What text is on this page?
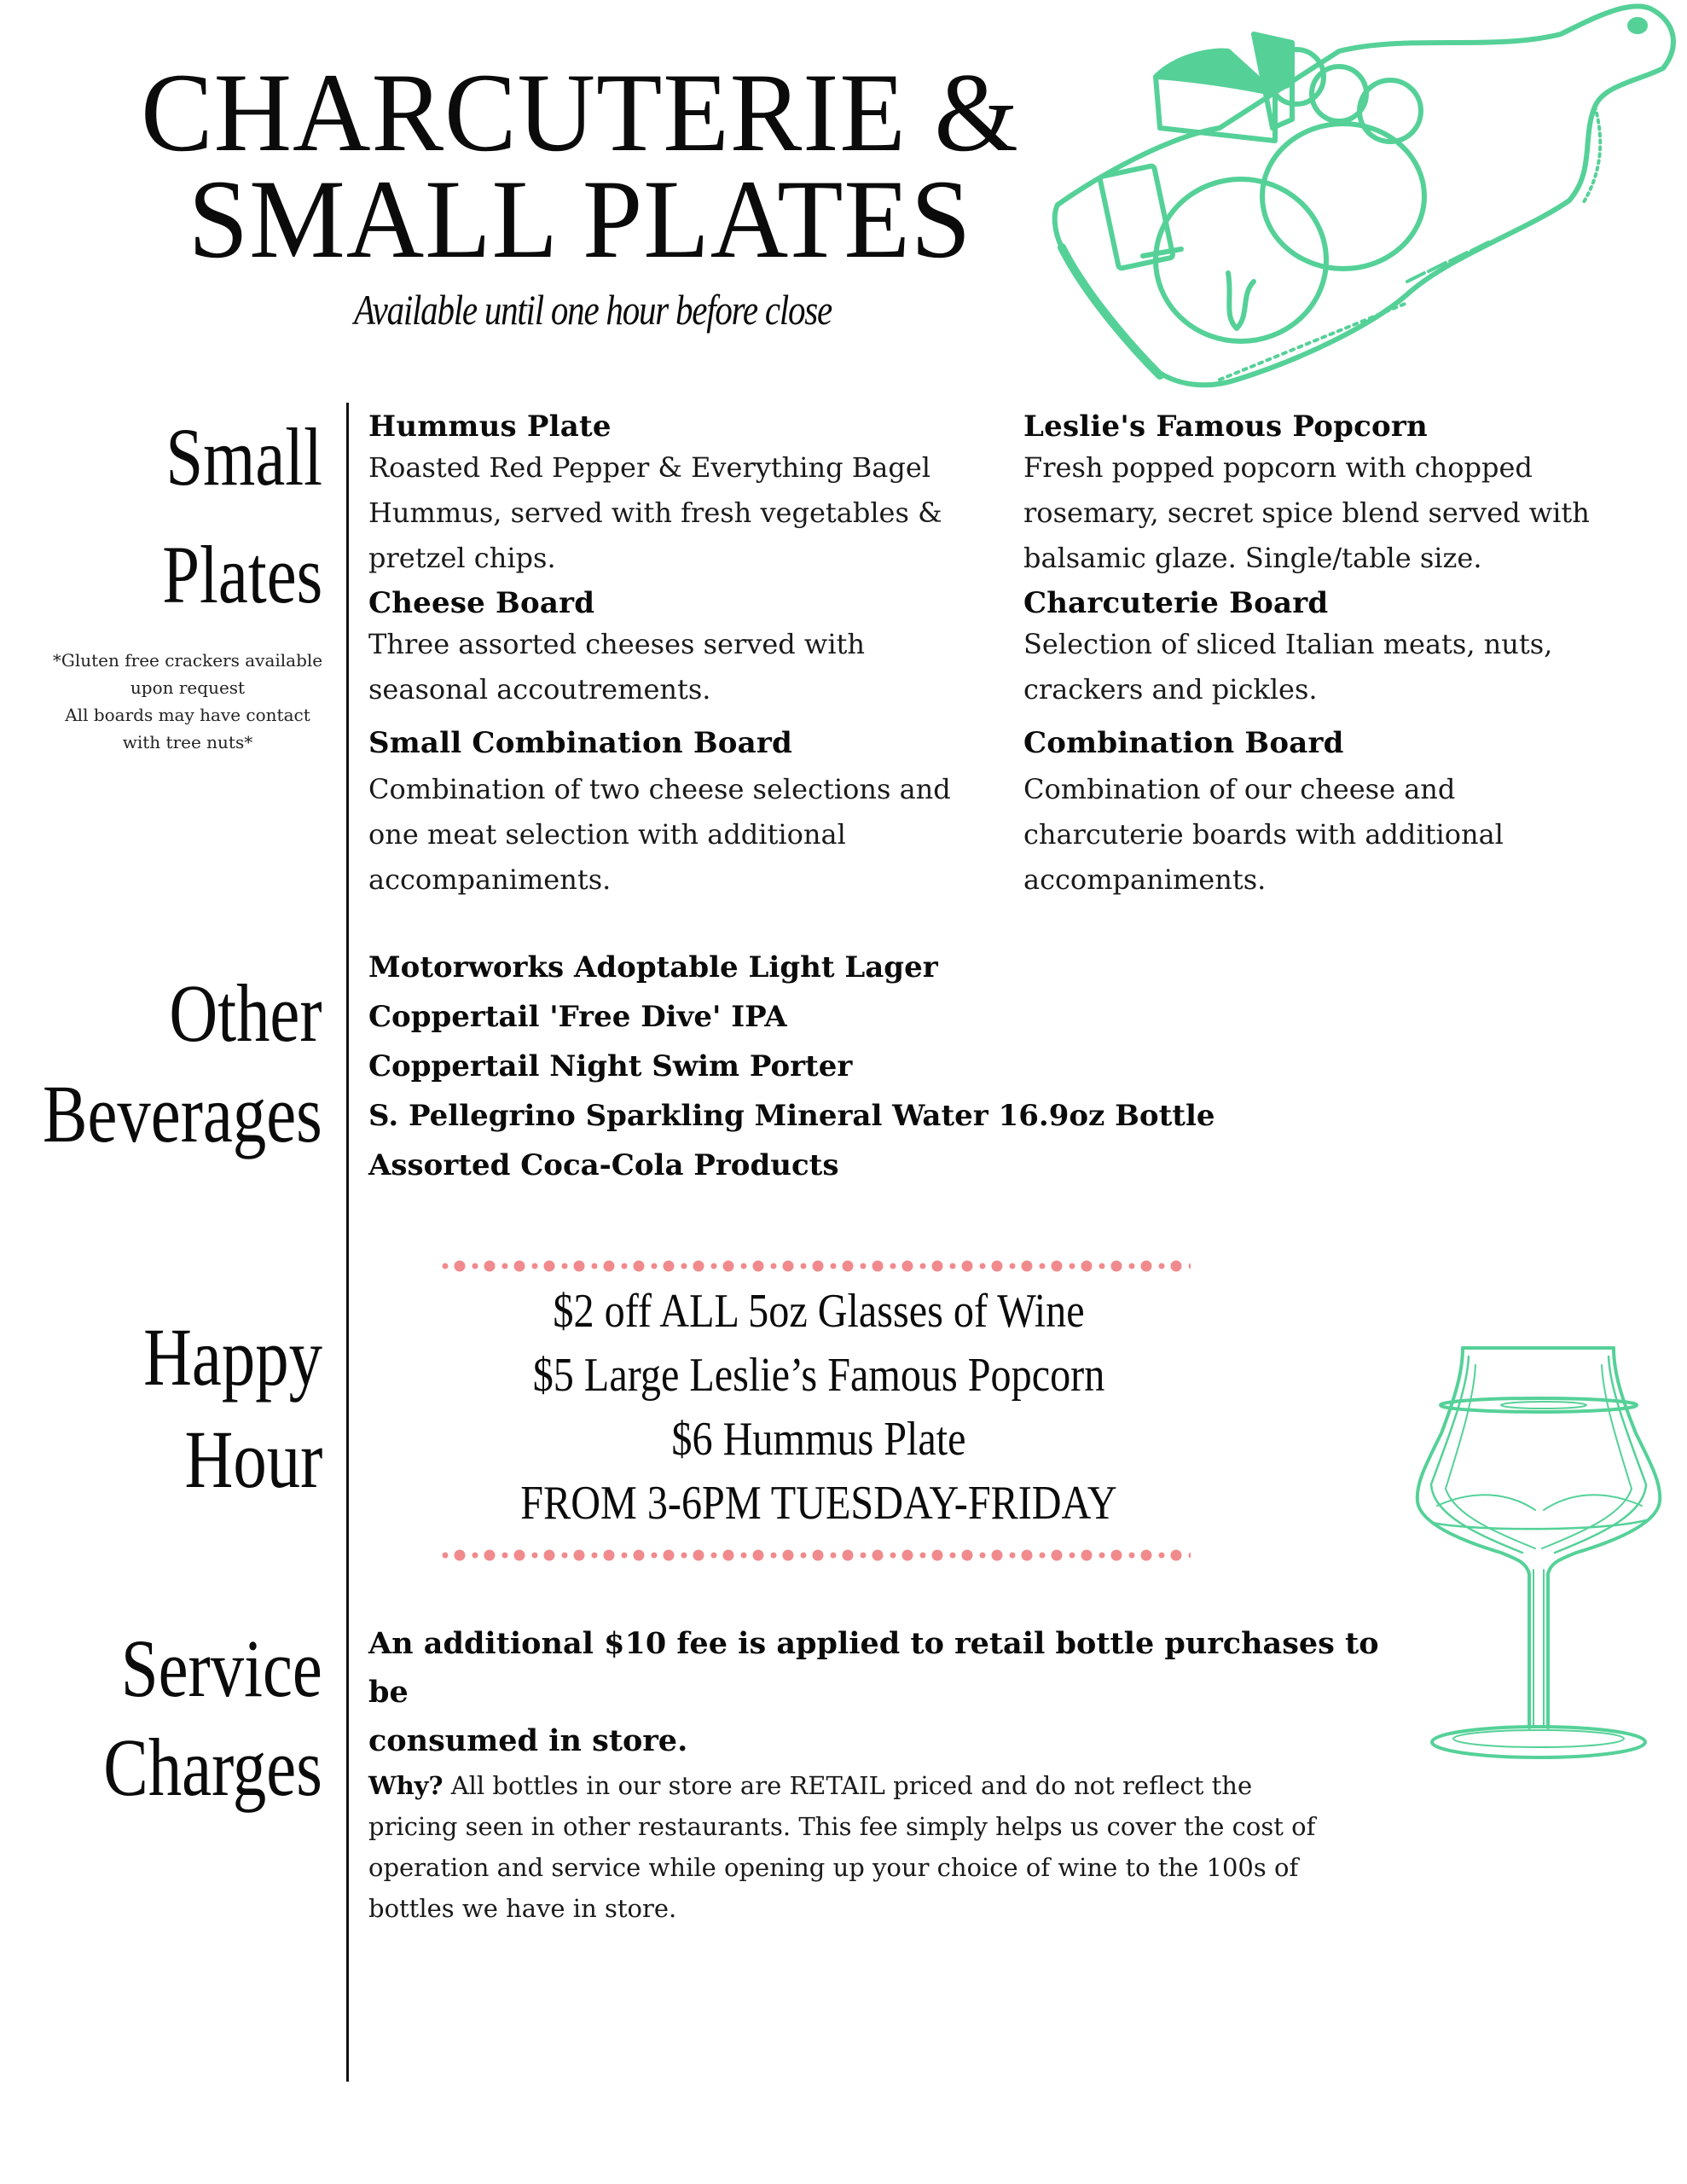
CHARCUTERIE &
SMALL PLATES
Available until one hour before close
Small
Plates
*Gluten free crackers available
upon request
All boards may have contact
with tree nuts*

Hummus Plate

Roasted Red Pepper & Everything Bagel

Hummus, served with fresh vegetables &

pretzel chips.

Cheese Board

Three assorted cheeses served with

seasonal accoutrements.

Small Combination Board

Combination of two cheese selections and

one meat selection with additional

accompaniments.

Leslie's Famous Popcorn

Fresh popped popcorn with chopped

rosemary, secret spice blend served with

balsamic glaze. Single/table size.

Charcuterie Board

Selection of sliced Italian meats, nuts,

crackers and pickles.

Combination Board

Combination of our cheese and

charcuterie boards with additional

accompaniments.

Other
Beverages
Motorworks Adoptable Light Lager
Coppertail 'Free Dive' IPA
Coppertail Night Swim Porter
S. Pellegrino Sparkling Mineral Water 16.9oz Bottle
Assorted Coca-Cola Products
Happy
Hour
$2 off ALL 5oz Glasses of Wine
$5 Large Leslie’s Famous Popcorn
$6 Hummus Plate
FROM 3-6PM TUESDAY-FRIDAY
Service
Charges

An additional $10 fee is applied to retail bottle purchases to be

consumed in store.

Why? All bottles in our store are RETAIL priced and do not reflect the

pricing seen in other restaurants. This fee simply helps us cover the cost of

operation and service while opening up your choice of wine to the 100s of

bottles we have in store.
